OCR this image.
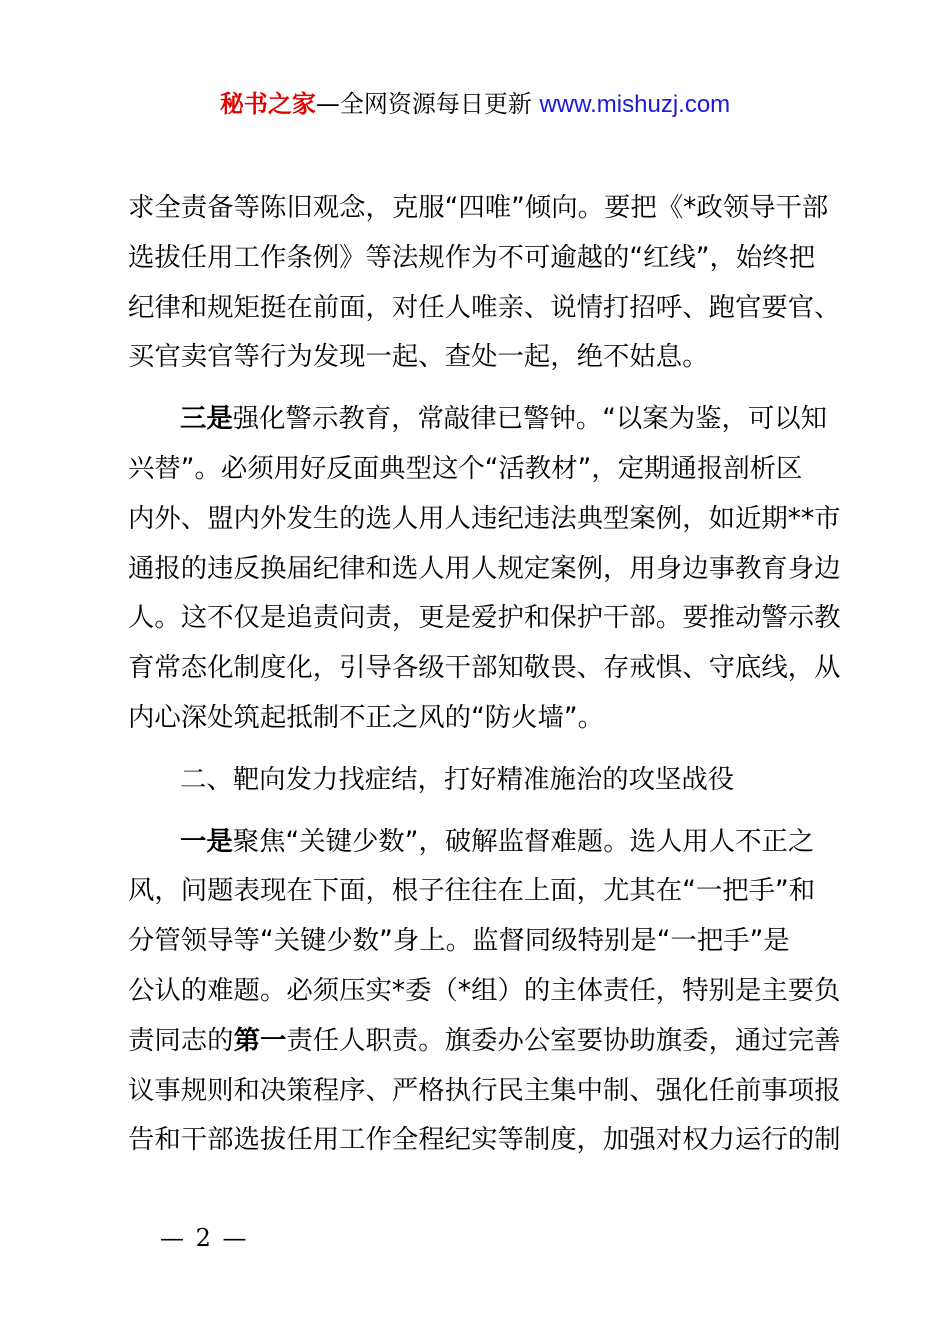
秘书之家—全网资源每日更新 www.mishuzj.com

求全责备等陈旧观念，克服“四唯”倾向。要把《*政领导干部
选拔任用工作条例》等法规作为不可逾越的“红线”，始终把
纪律和规矩挺在前面，对任人唯亲、说情打招呼、跑官要官、
买官卖官等行为发现一起、查处一起，绝不姑息。

三是强化警示教育，常敲律已警钟。“以案为鉴，可以知
兴替”。必须用好反面典型这个“活教材”，定期通报剖析区
内外、盟内外发生的选人用人违纪违法典型案例，如近期**市
通报的违反换届纪律和选人用人规定案例，用身边事教育身边
人。这不仅是追责问责，更是爱护和保护干部。要推动警示教
育常态化制度化，引导各级干部知敬畏、存戒惧、守底线，从
内心深处筑起抵制不正之风的“防火墙”。

二、靶向发力找症结，打好精准施治的攻坚战役

一是聚焦“关键少数”，破解监督难题。选人用人不正之
风，问题表现在下面，根子往往在上面，尤其在“一把手”和
分管领导等“关键少数”身上。监督同级特别是“一把手”是
公认的难题。必须压实*委（*组）的主体责任，特别是主要负
责同志的第一责任人职责。旗委办公室要协助旗委，通过完善
议事规则和决策程序、严格执行民主集中制、强化任前事项报
告和干部选拔任用工作全程纪实等制度，加强对权力运行的制

— 2 —
